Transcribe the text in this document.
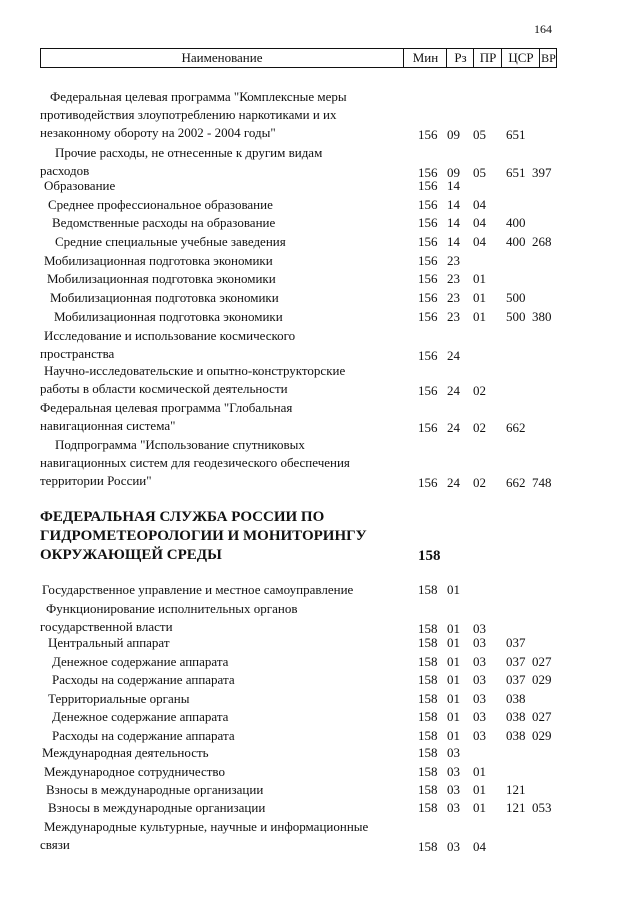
164
Наименование	Мин	Рз	ПР ЦСР ВР
Федеральная целевая программа "Комплексные меры
противодействия злоупотреблению наркотиками и их
незаконному обороту на 2002 - 2004 годы"	156 09 05 651
Прочие расходы, не отнесенные к другим видам
расходов	156 09 05 651 397
Образование	156 14
Среднее профессиональное образование	156 14 04
Ведомственные расходы на образование	156 14 04 400
Средние специальные учебные заведения	156 14 04 400 268
Мобилизационная подготовка экономики	156 23
Мобилизационная подготовка экономики	156 23 01
Мобилизационная подготовка экономики	156 23 01 500
Мобилизационная подготовка экономики	156 23 01 500 380
Исследование и использование космического
пространства	156 24
Научно-исследовательские и опытно-конструкторские
работы в области космической деятельности	156 24 02
Федеральная целевая программа "Глобальная
навигационная система"	156 24 02 662
Подпрограмма "Использование спутниковых
навигационных систем для геодезического обеспечения
территории России"	156 24 02 662 748
ФЕДЕРАЛЬНАЯ СЛУЖБА РОССИИ ПО
ГИДРОМЕТЕОРОЛОГИИ И МОНИТОРИНГУ
ОКРУЖАЮЩЕЙ СРЕДЫ	158
Государственное управление и местное самоуправление	158 01
Функционирование исполнительных органов
государственной власти	158 01 03
Центральный аппарат	158 01 03 037
Денежное содержание аппарата	158 01 03 037 027
Расходы на содержание аппарата	158 01 03 037 029
Территориальные органы	158 01 03 038
Денежное содержание аппарата	158 01 03 038 027
Расходы на содержание аппарата	158 01 03 038 029
Международная деятельность	158 03
Международное сотрудничество	158 03 01
Взносы в международные организации	158 03 01 121
Взносы в международные организации	158 03 01 121 053
Международные культурные, научные и информационные
связи	158 03 04
